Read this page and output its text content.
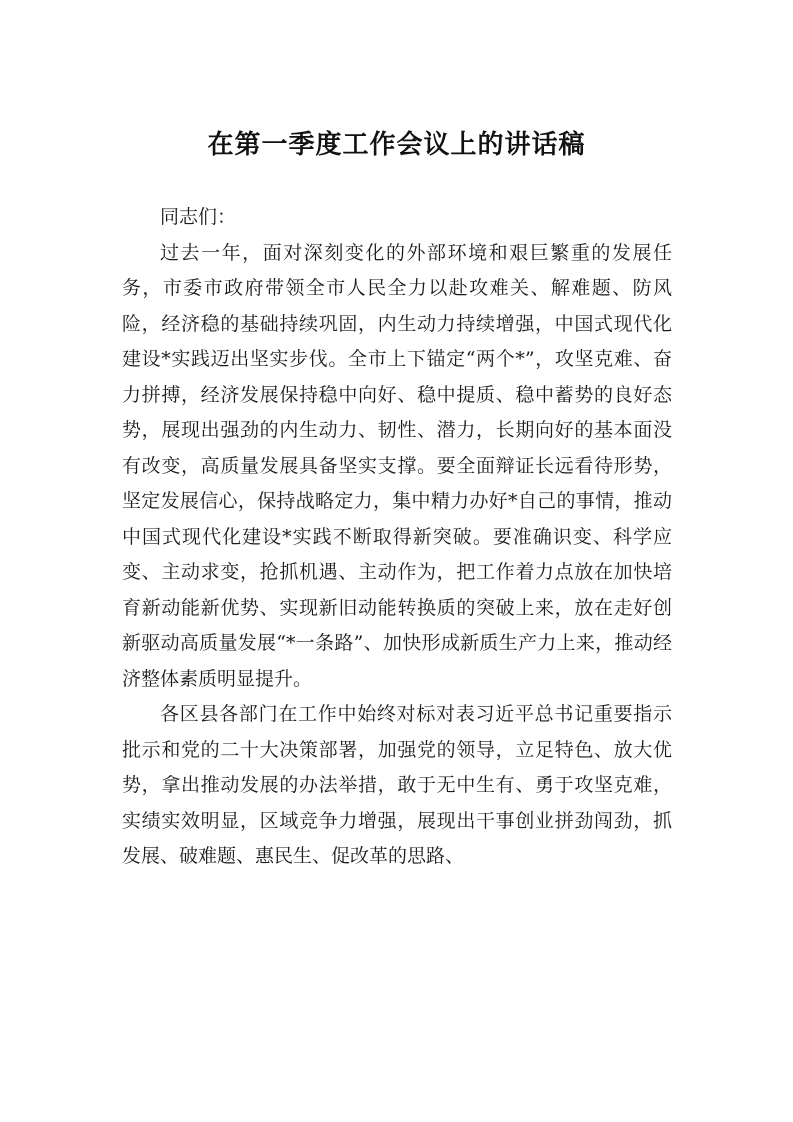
在第一季度工作会议上的讲话稿

同志们：

过去一年，面对深刻变化的外部环境和艰巨繁重的发展任务，市委市政府带领全市人民全力以赴攻难关、解难题、防风险，经济稳的基础持续巩固，内生动力持续增强，中国式现代化建设*实践迈出坚实步伐。全市上下锚定“两个*”，攻坚克难、奋力拼搏，经济发展保持稳中向好、稳中提质、稳中蓄势的良好态势，展现出强劲的内生动力、韧性、潜力，长期向好的基本面没有改变，高质量发展具备坚实支撑。要全面辩证长远看待形势，坚定发展信心，保持战略定力，集中精力办好*自己的事情，推动中国式现代化建设*实践不断取得新突破。要准确识变、科学应变、主动求变，抢抓机遇、主动作为，把工作着力点放在加快培育新动能新优势、实现新旧动能转换质的突破上来，放在走好创新驱动高质量发展“*一条路”、加快形成新质生产力上来，推动经济整体素质明显提升。

各区县各部门在工作中始终对标对表习近平总书记重要指示批示和党的二十大决策部署，加强党的领导，立足特色、放大优势，拿出推动发展的办法举措，敢于无中生有、勇于攻坚克难，实绩实效明显，区域竞争力增强，展现出干事创业拼劲闯劲，抓发展、破难题、惠民生、促改革的思路、
